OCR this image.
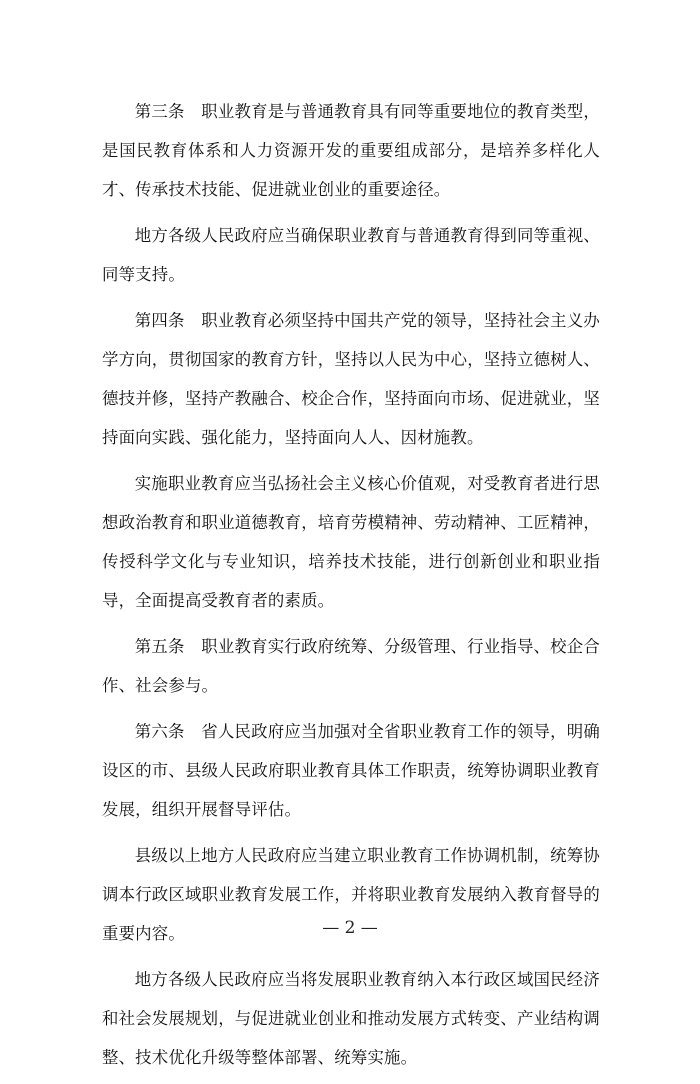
第三条　职业教育是与普通教育具有同等重要地位的教育类型，是国民教育体系和人力资源开发的重要组成部分，是培养多样化人才、传承技术技能、促进就业创业的重要途径。

地方各级人民政府应当确保职业教育与普通教育得到同等重视、同等支持。

第四条　职业教育必须坚持中国共产党的领导，坚持社会主义办学方向，贯彻国家的教育方针，坚持以人民为中心，坚持立德树人、德技并修，坚持产教融合、校企合作，坚持面向市场、促进就业，坚持面向实践、强化能力，坚持面向人人、因材施教。

实施职业教育应当弘扬社会主义核心价值观，对受教育者进行思想政治教育和职业道德教育，培育劳模精神、劳动精神、工匠精神，传授科学文化与专业知识，培养技术技能，进行创新创业和职业指导，全面提高受教育者的素质。

第五条　职业教育实行政府统筹、分级管理、行业指导、校企合作、社会参与。

第六条　省人民政府应当加强对全省职业教育工作的领导，明确设区的市、县级人民政府职业教育具体工作职责，统筹协调职业教育发展，组织开展督导评估。

县级以上地方人民政府应当建立职业教育工作协调机制，统筹协调本行政区域职业教育发展工作，并将职业教育发展纳入教育督导的重要内容。

地方各级人民政府应当将发展职业教育纳入本行政区域国民经济和社会发展规划，与促进就业创业和推动发展方式转变、产业结构调整、技术优化升级等整体部署、统筹实施。

— 2 —
